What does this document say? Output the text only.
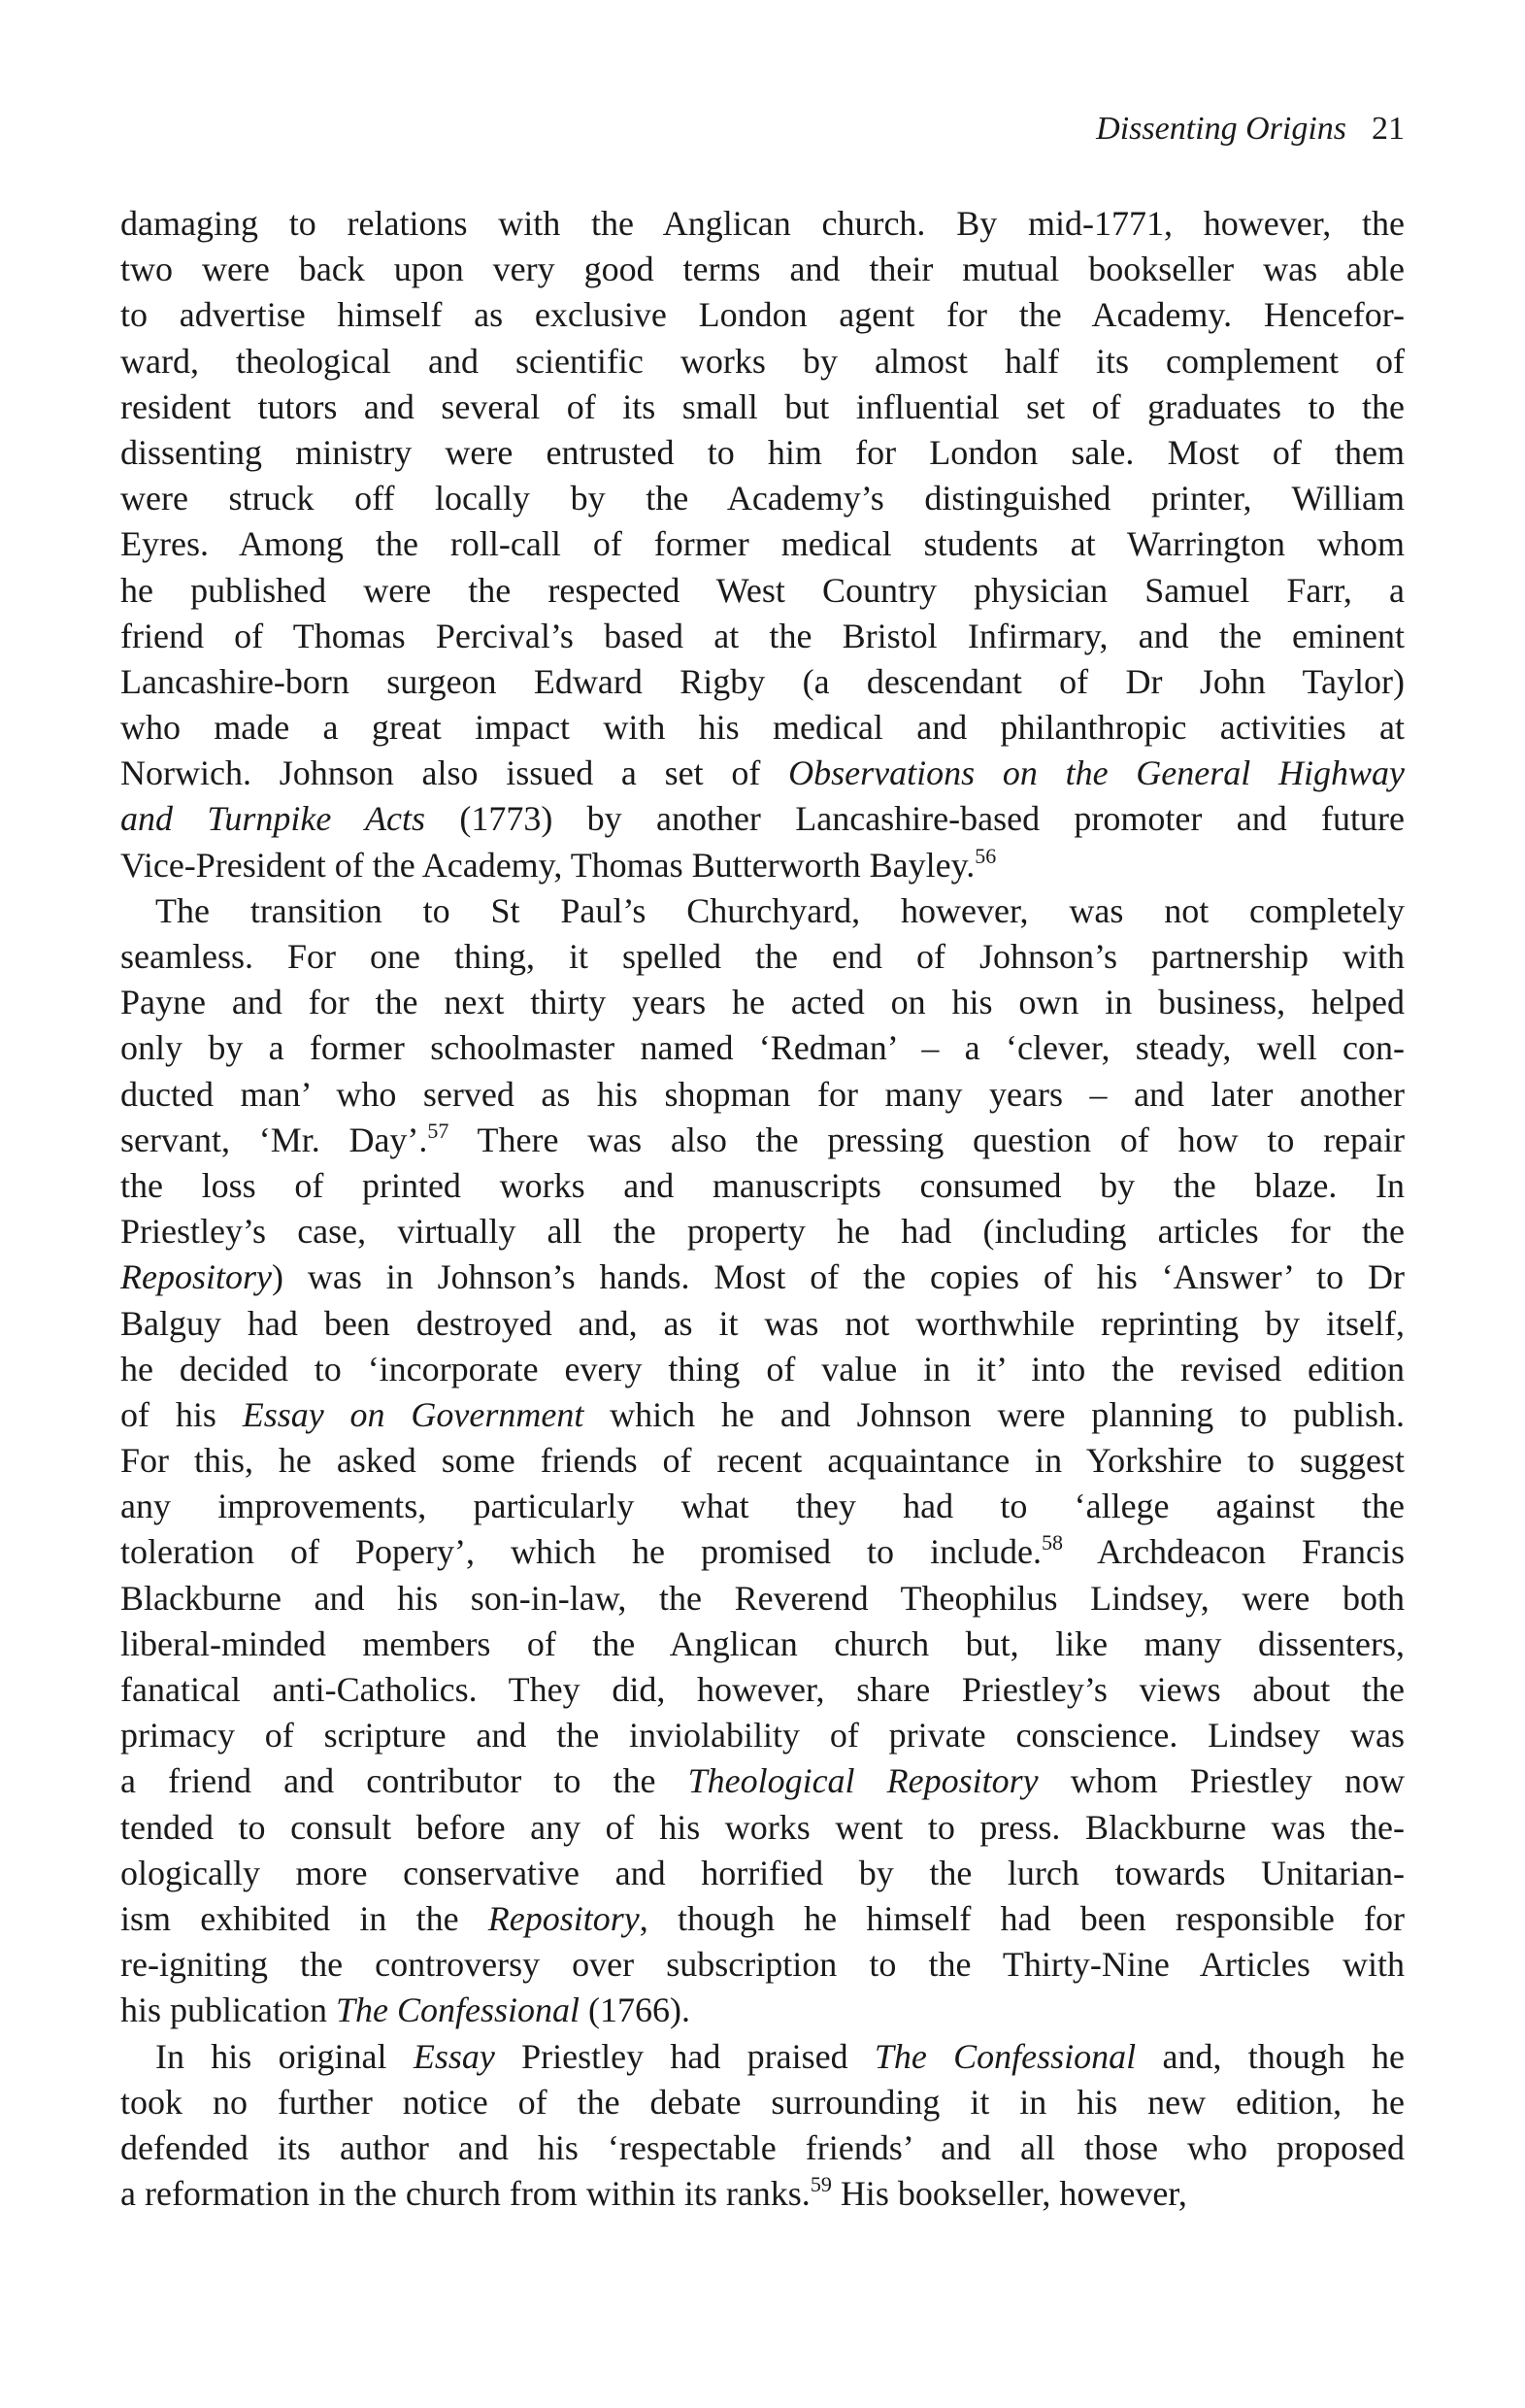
Dissenting Origins 21
damaging to relations with the Anglican church. By mid-1771, however, the
two were back upon very good terms and their mutual bookseller was able
to advertise himself as exclusive London agent for the Academy. Hencefor-
ward, theological and scientific works by almost half its complement of
resident tutors and several of its small but influential set of graduates to the
dissenting ministry were entrusted to him for London sale. Most of them
were struck off locally by the Academy’s distinguished printer, William
Eyres. Among the roll-call of former medical students at Warrington whom
he published were the respected West Country physician Samuel Farr, a
friend of Thomas Percival’s based at the Bristol Infirmary, and the eminent
Lancashire-born surgeon Edward Rigby (a descendant of Dr John Taylor)
who made a great impact with his medical and philanthropic activities at
Norwich. Johnson also issued a set of Observations on the General Highway
and Turnpike Acts (1773) by another Lancashire-based promoter and future
Vice-President of the Academy, Thomas Butterworth Bayley.$^{56}$
The transition to St Paul’s Churchyard, however, was not completely
seamless. For one thing, it spelled the end of Johnson’s partnership with
Payne and for the next thirty years he acted on his own in business, helped
only by a former schoolmaster named ‘Redman’ – a ‘clever, steady, well con-
ducted man’ who served as his shopman for many years – and later another
servant, ‘Mr. Day’.$^{57}$ There was also the pressing question of how to repair
the loss of printed works and manuscripts consumed by the blaze. In
Priestley’s case, virtually all the property he had (including articles for the
Repository) was in Johnson’s hands. Most of the copies of his ‘Answer’ to Dr
Balguy had been destroyed and, as it was not worthwhile reprinting by itself,
he decided to ‘incorporate every thing of value in it’ into the revised edition
of his Essay on Government which he and Johnson were planning to publish.
For this, he asked some friends of recent acquaintance in Yorkshire to suggest
any improvements, particularly what they had to ‘allege against the
toleration of Popery’, which he promised to include.$^{58}$ Archdeacon Francis
Blackburne and his son-in-law, the Reverend Theophilus Lindsey, were both
liberal-minded members of the Anglican church but, like many dissenters,
fanatical anti-Catholics. They did, however, share Priestley’s views about the
primacy of scripture and the inviolability of private conscience. Lindsey was
a friend and contributor to the Theological Repository whom Priestley now
tended to consult before any of his works went to press. Blackburne was the-
ologically more conservative and horrified by the lurch towards Unitarian-
ism exhibited in the Repository, though he himself had been responsible for
re-igniting the controversy over subscription to the Thirty-Nine Articles with
his publication The Confessional (1766).
In his original Essay Priestley had praised The Confessional and, though he
took no further notice of the debate surrounding it in his new edition, he
defended its author and his ‘respectable friends’ and all those who proposed
a reformation in the church from within its ranks.$^{59}$ His bookseller, however,
